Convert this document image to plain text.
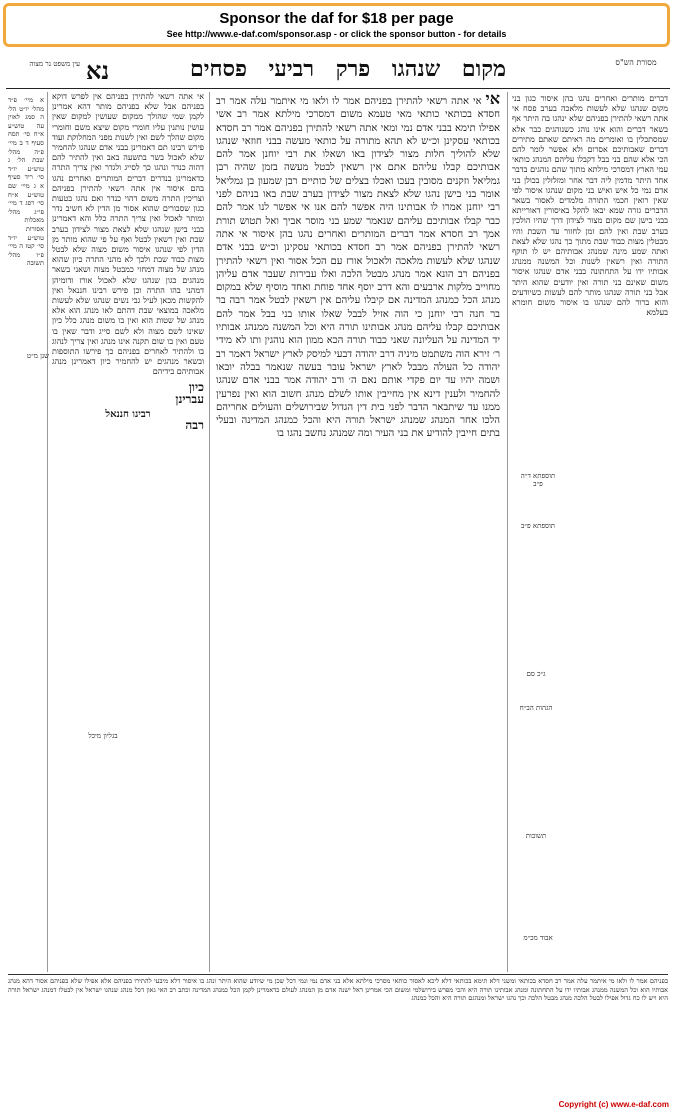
Sponsor the daf for $18 per page
See http://www.e-daf.com/sponsor.asp - or click the sponsor button - for details
מסורת הש"ס
מקום שנהגו פרק רביעי פסחים
נא
עין משפט נר מצוה
דברים מותרים ואחרים נהגו בהן איסור כגון בני מקום שנהגו שלא לעשות מלאכה בערב פסח אי אתה רשאי להתירן בפניהם שלא ינהגו בה היתר אף בשאר דברים והוא אינו נוהג כשנוהגים כבר אלא שמסתכלין בו ואומרים מה ראיתם שאתם מתירים דברים שאבותיכם אסרום ולא אפשר לומר להם הכי אלא שהם בני בבל דקבלו עליהם המנהג כותאי עמי הארץ דמסרכי מילתא מתוך שהם נוהגים בדבר אחד היתר מדמין ליה דבר אחר ומזלזלין בכולן בני אדם נמי כל איש ואיש בני מקום שנהגו איסור לפי שאין רואין חכמי התורה מלמדים לאסור בשאר הדברים גזרה שמא יבאו להקל באיסורין דאורייתא בבני בישן שם מקום מצור לצידון דרך שהיו הולכין בערב שבת ואין להם זמן לחזור עד השבת והיו מבטלין מצות כבוד שבת מתוך כך נהגו שלא לצאת ואתה שמע מינה שמנהג אבותיהם יש לו תוקף התורה ואין רשאין לשנות וכל המשנה ממנהג אבותיו ידו על התחתונה בבני אדם שנהגו איסור משום שאינם בני תורה ואין יודעים שהוא היתר אבל בני תורה שנהגו מותר להם לעשות כשיודעים והוא ברור להם שנהגו בו איסור משום חומרא בעלמא
אי אי אתה רשאי להתירן בפניהם אמר לו ולאו מי איתמר עלה אמר רב חסדא בכותאי כותאי מאי טעמא משום דמסרכי מילתא אמר רב אשי אפילו תימא בבני אדם נמי ומאי אתה רשאי להתירן בפניהם אמר רב חסדא בכותאי עסקינן וכ״ש לא תהא מתורה על כותאי מעשה בבני חוזאי שנהגו שלא להוליך חלות מצור לצידון באו ושאלו את רבי יוחנן אמר להם אבותיכם קבלו עליהם אתם אין רשאין לבטל מעשה בזמן שהיה רבן גמליאל וזקנים מסובין בעכו ואכלו בצלים של כותיים רבן שמעון בן גמליאל אומר בני בישן נהגו שלא לצאת מצור לצידון בערב שבת באו בניהם לפני רבי יוחנן אמרו לו אבותינו היה אפשר להם אנו אי אפשר לנו אמר להם כבר קבלו אבותיכם עליהם שנאמר שמע בני מוסר אביך ואל תטוש תורת אמך רב חסדא אמר דברים המותרים ואחרים נהגו בהן איסור אי אתה רשאי להתירן בפניהם אמר רב חסדא בכותאי עסקינן וכ״ש בבני אדם שנהגו שלא לעשות מלאכה ולאכול אורז עם הכל אסור ואין רשאי להתירן בפניהם רב הונא אמר מנהג מבטל הלכה ואלו עבירות שעבר אדם עליהן מחוייב מלקות ארבעים והא דרב יוסף אחד פוחת ואחד מוסיף שלא במקום מנהג הכל כמנהג המדינה אם קיבלו עליהם אין רשאין לבטל אמר רבה בר בר חנה רבי יוחנן כי הוה אזיל לבבל שאלו אותו בני בבל אמר להם אבותיכם קבלו עליהם מנהג אבותינו תורה היא וכל המשנה ממנהג אבותיו יד המדינה על העליונה שאני כבוד תורה הכא ממון הוא נוהגין ותו לא מידי ר׳ זירא הוה משתמט מיניה דרב יהודה דבעי למיסק לארץ ישראל דאמר רב יהודה כל העולה מבבל לארץ ישראל עובר בעשה שנאמר בבלה יובאו ושמה יהיו עד יום פקדי אותם נאם ה׳ ורב יהודה אמר בבני אדם שנהגו להחמיר ולענין דינא אין מחייבין אותו לשלם מנהג חשוב הוא ואין נפרעין ממנו עד שיתבאר הדבר לפני בית דין הגדול שבירושלים והעולים אחריהם הלכו אחר המנהג שמנהג ישראל תורה היא והכל כמנהג המדינה ובעלי בתים חייבין להודיע את בני העיר ומה שמנהג נחשב נהגו בו
אי אתה רשאי להתירן בפניהם אין לפרש דוקא בפניהם אבל שלא בפניהם מותר דהא אמרינן לקמן שמי שהולך ממקום שעושין למקום שאין עושין נותנין עליו חומרי מקום שיצא משם וחומרי מקום שהלך לשם ואין לשנות מפני המחלוקת ועוד פירש רבינו תם דאמרינן בבני אדם שנהגו להחמיר שלא לאכול בשר בתשעה באב ואין להתיר להם דהוה כנדר ונהגו כך לסייג ולגדר ואין צריך התרה כדאמרינן בנדרים דברים המותרים ואחרים נהגו בהם איסור אין אתה רשאי להתירן בפניהם וצריכין התרה משום דהוי כנדר ואם נהגו בטעות כגון שסבורים שהוא אסור מן הדין לא חשיב נדר ומותר לאכול ואין צריך התרה כלל והא דאמרינן בבני בישן שנהגו שלא לצאת מצור לצידון בערב שבת ואין רשאין לבטל ואף על פי שהוא מותר מן הדין לפי שנהגו איסור משום מצוה שלא לבטל מצות כבוד שבת ולכך לא מהני התרה כיון שהוא מנהג של מצוה דמחזי כמבטל מצוה ושאני בשאר מנהגים כגון שנהגו שלא לאכול אורז ודומיהן דמהני בהו התרה וכן פירש רבינו חננאל ואין להקשות מכאן לעיל גבי נשים שנהגו שלא לעשות מלאכה במוצאי שבת דהתם לאו מנהג הוא אלא מנהג של שטות הוא ואין בו משום מנהג כלל כיון שאינו לשם מצוה ולא לשם סייג ודבר שאין בו טעם ואין בו שום תקנה אינו מנהג ואין צריך לנהוג בו ולהתיר לאחרים בפניהם כך פירשו התוספות ובשאר מנהגים יש להחמיר כיון דאמרינן מנהג אבותיהם בידיהם
כיון
עברינן
רבינו חננאל
רבה
א מיי׳ פ״ד מהל׳ יו״ט הל׳ ה סמג לאוין עה טוש״ע א״ח סי׳ תסח סעיף ד ב מיי׳ פ״ה מהל׳ שבת הל׳ ג טוש״ע יו״ד סי׳ ריד סעיף א ג מיי׳ שם טוש״ע א״ח סי׳ רסג ד מיי׳ פי״ג מהל׳ מאכלות אסורות טוש״ע יו״ד סי׳ קטז ה מיי׳ פ״ו מהל׳ תשובה
תוספתא ד״ה פ״ב
תוספתא פ״ב
ג״כ סם
הגהות הב״ח
תשובות
בגליון מיכל
אבוד מכ״מ
שנן מ״ט
בפניהם אמר לו ולאו מי איתמר עלה אמר רב חסדא בכותאי ומשני דלא תימא בכותאי דלא ליכא לאסור כותאי מסרכי מילתא אלא בני אדם נמי ונמי דכל שכן מי שיודע שהוא היתר ונהג בו איסור דלא מיבעי להתירו בפניהם אלא אפילו שלא בפניהם אסור דהא מנהג אבותיו הוא וכל המשנה ממנהג אבותיו ידו על התחתונה ומנהג אבותינו תורה היא והכי מפרש בירושלמי ומשום הכי אמרינן דאל ישנה אדם מן המנהג לעולם כדאמרינן לקמן הכל כמנהג המדינה וכתב רב האי גאון דכל מנהג שנהגו ישראל אין לבטלו דמנהג ישראל תורה היא ויש לו כח גדול אפילו לבטל הלכה מנהג מבטל הלכה וכך נהגו ישראל ומנהגם תורה היא והכל כמנהג
Copyright (c) www.e-daf.com
